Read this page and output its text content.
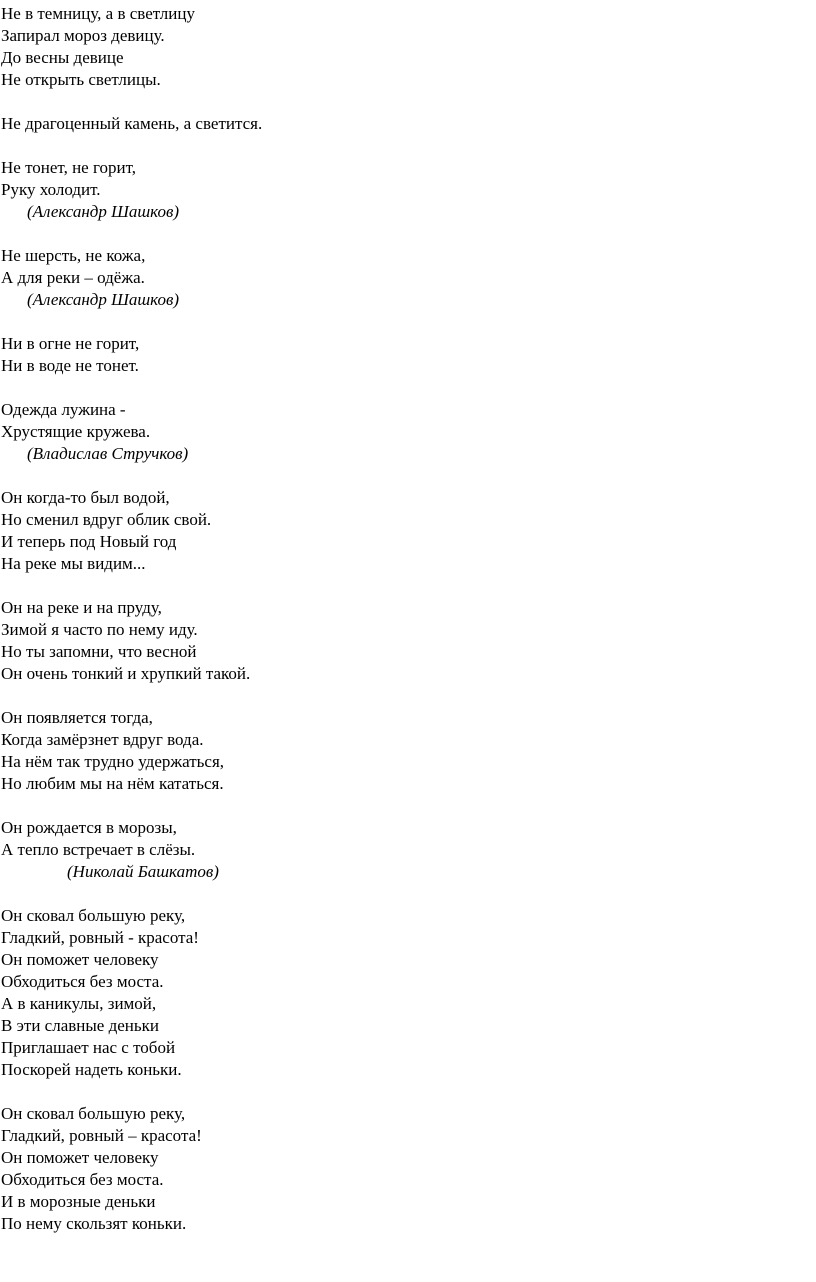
Не в темницу, а в светлицу
Запирал мороз девицу.
До весны девице
Не открыть светлицы.
Не драгоценный камень, а светится.
Не тонет, не горит,
Руку холодит.
(Александр Шашков)
Не шерсть, не кожа,
А для реки – одёжа.
(Александр Шашков)
Ни в огне не горит,
Ни в воде не тонет.
Одежда лужина -
Хрустящие кружева.
(Владислав Стручков)
Он когда-то был водой,
Но сменил вдруг облик свой.
И теперь под Новый год
На реке мы видим...
Он на реке и на пруду,
Зимой я часто по нему иду.
Но ты запомни, что весной
Он очень тонкий и хрупкий такой.
Он появляется тогда,
Когда замёрзнет вдруг вода.
На нём так трудно удержаться,
Но любим мы на нём кататься.
Он рождается в морозы,
А тепло встречает в слёзы.
(Николай Башкатов)
Он сковал большую реку,
Гладкий, ровный - красота!
Он поможет человеку
Обходиться без моста.
А в каникулы, зимой,
В эти славные деньки
Приглашает нас с тобой
Поскорей надеть коньки.
Он сковал большую реку,
Гладкий, ровный – красота!
Он поможет человеку
Обходиться без моста.
И в морозные деньки
По нему скользят коньки.
